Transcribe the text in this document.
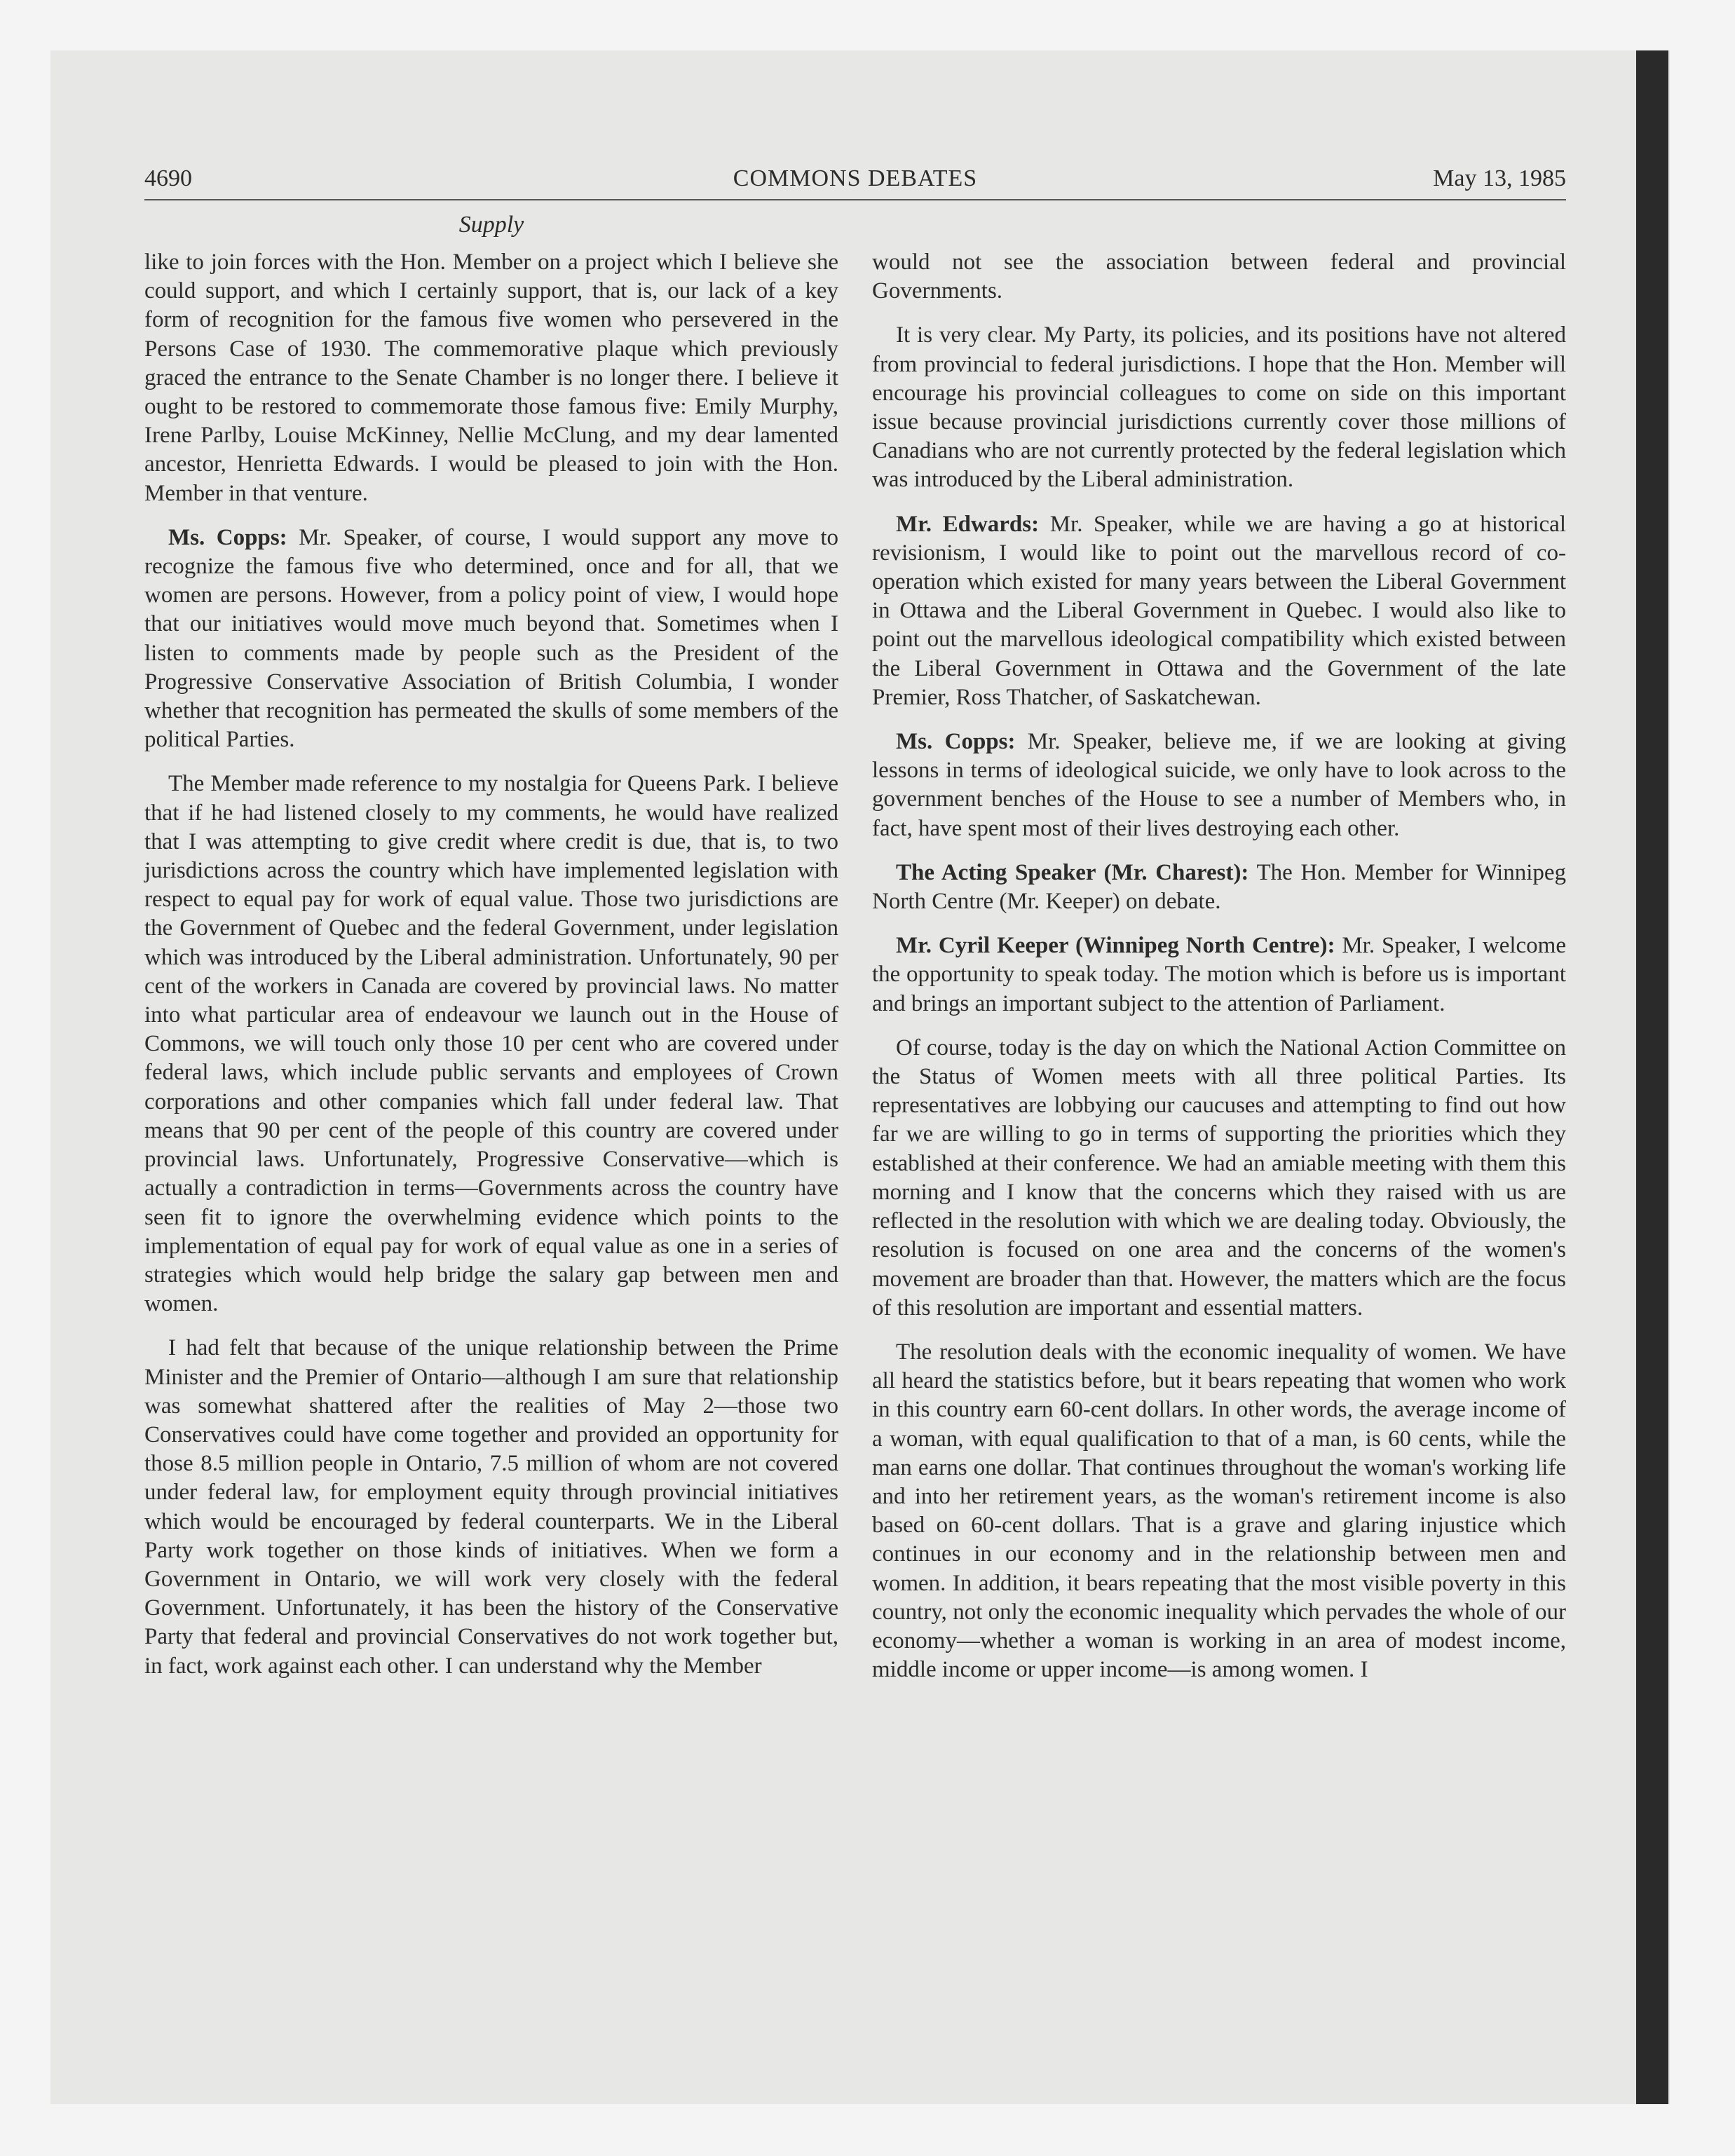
4690	COMMONS DEBATES	May 13, 1985
Supply

like to join forces with the Hon. Member on a project which I believe she could support, and which I certainly support, that is, our lack of a key form of recognition for the famous five women who persevered in the Persons Case of 1930. The commemorative plaque which previously graced the entrance to the Senate Chamber is no longer there. I believe it ought to be restored to commemorate those famous five: Emily Murphy, Irene Parlby, Louise McKinney, Nellie McClung, and my dear lamented ancestor, Henrietta Edwards. I would be pleased to join with the Hon. Member in that venture.

Ms. Copps: Mr. Speaker, of course, I would support any move to recognize the famous five who determined, once and for all, that we women are persons. However, from a policy point of view, I would hope that our initiatives would move much beyond that. Sometimes when I listen to comments made by people such as the President of the Progressive Conservative Association of British Columbia, I wonder whether that recognition has permeated the skulls of some members of the political Parties.

The Member made reference to my nostalgia for Queens Park. I believe that if he had listened closely to my comments, he would have realized that I was attempting to give credit where credit is due, that is, to two jurisdictions across the country which have implemented legislation with respect to equal pay for work of equal value. Those two jurisdictions are the Government of Quebec and the federal Government, under legislation which was introduced by the Liberal administration. Unfortunately, 90 per cent of the workers in Canada are covered by provincial laws. No matter into what particular area of endeavour we launch out in the House of Commons, we will touch only those 10 per cent who are covered under federal laws, which include public servants and employees of Crown corporations and other companies which fall under federal law. That means that 90 per cent of the people of this country are covered under provincial laws. Unfortunately, Progressive Conservative—which is actually a contradiction in terms—Governments across the country have seen fit to ignore the overwhelming evidence which points to the implementation of equal pay for work of equal value as one in a series of strategies which would help bridge the salary gap between men and women.

I had felt that because of the unique relationship between the Prime Minister and the Premier of Ontario—although I am sure that relationship was somewhat shattered after the realities of May 2—those two Conservatives could have come together and provided an opportunity for those 8.5 million people in Ontario, 7.5 million of whom are not covered under federal law, for employment equity through provincial initiatives which would be encouraged by federal counterparts. We in the Liberal Party work together on those kinds of initiatives. When we form a Government in Ontario, we will work very closely with the federal Government. Unfortunately, it has been the history of the Conservative Party that federal and provincial Conservatives do not work together but, in fact, work against each other. I can understand why the Member

would not see the association between federal and provincial Governments.

It is very clear. My Party, its policies, and its positions have not altered from provincial to federal jurisdictions. I hope that the Hon. Member will encourage his provincial colleagues to come on side on this important issue because provincial jurisdictions currently cover those millions of Canadians who are not currently protected by the federal legislation which was introduced by the Liberal administration.

Mr. Edwards: Mr. Speaker, while we are having a go at historical revisionism, I would like to point out the marvellous record of co-operation which existed for many years between the Liberal Government in Ottawa and the Liberal Government in Quebec. I would also like to point out the marvellous ideological compatibility which existed between the Liberal Government in Ottawa and the Government of the late Premier, Ross Thatcher, of Saskatchewan.

Ms. Copps: Mr. Speaker, believe me, if we are looking at giving lessons in terms of ideological suicide, we only have to look across to the government benches of the House to see a number of Members who, in fact, have spent most of their lives destroying each other.

The Acting Speaker (Mr. Charest): The Hon. Member for Winnipeg North Centre (Mr. Keeper) on debate.

Mr. Cyril Keeper (Winnipeg North Centre): Mr. Speaker, I welcome the opportunity to speak today. The motion which is before us is important and brings an important subject to the attention of Parliament.

Of course, today is the day on which the National Action Committee on the Status of Women meets with all three political Parties. Its representatives are lobbying our caucuses and attempting to find out how far we are willing to go in terms of supporting the priorities which they established at their conference. We had an amiable meeting with them this morning and I know that the concerns which they raised with us are reflected in the resolution with which we are dealing today. Obviously, the resolution is focused on one area and the concerns of the women's movement are broader than that. However, the matters which are the focus of this resolution are important and essential matters.

The resolution deals with the economic inequality of women. We have all heard the statistics before, but it bears repeating that women who work in this country earn 60-cent dollars. In other words, the average income of a woman, with equal qualification to that of a man, is 60 cents, while the man earns one dollar. That continues throughout the woman's working life and into her retirement years, as the woman's retirement income is also based on 60-cent dollars. That is a grave and glaring injustice which continues in our economy and in the relationship between men and women. In addition, it bears repeating that the most visible poverty in this country, not only the economic inequality which pervades the whole of our economy—whether a woman is working in an area of modest income, middle income or upper income—is among women. I
